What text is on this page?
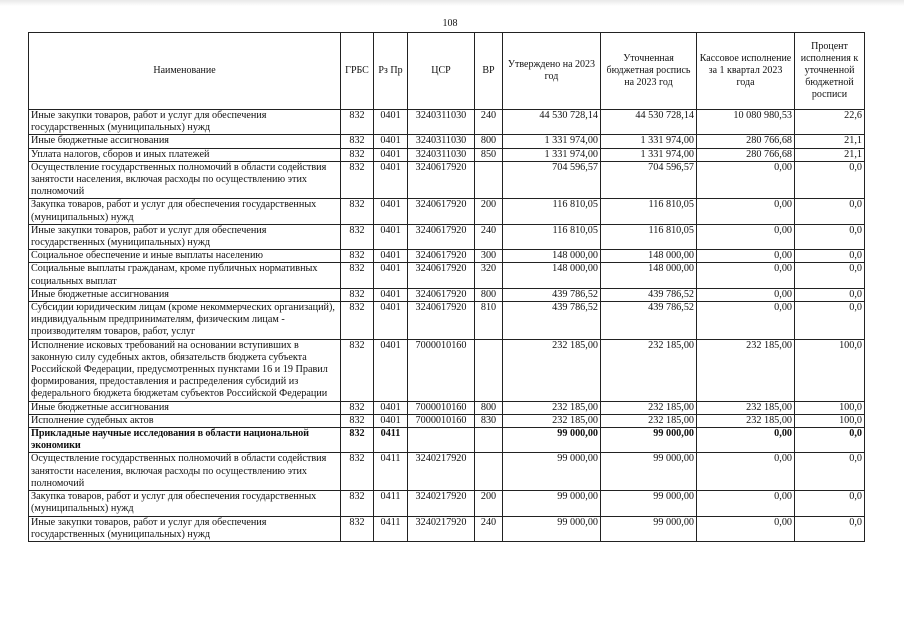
108
Наименование	ГРБС	Рз Пр	ЦСР	ВР	Утверждено на 2023 год	Уточненная бюджетная роспись на 2023 год	Кассовое исполнение за 1 квартал 2023 года	Процент исполнения к уточненной бюджетной росписи
Иные закупки товаров, работ и услуг для обеспечения государственных (муниципальных) нужд	832	0401	3240311030	240	44 530 728,14	44 530 728,14	10 080 980,53	22,6
Иные бюджетные ассигнования	832	0401	3240311030	800	1 331 974,00	1 331 974,00	280 766,68	21,1
Уплата налогов, сборов и иных платежей	832	0401	3240311030	850	1 331 974,00	1 331 974,00	280 766,68	21,1
Осуществление государственных полномочий в области содействия занятости населения, включая расходы по осуществлению этих полномочий	832	0401	3240617920		704 596,57	704 596,57	0,00	0,0
Закупка товаров, работ и услуг для обеспечения государственных (муниципальных) нужд	832	0401	3240617920	200	116 810,05	116 810,05	0,00	0,0
Иные закупки товаров, работ и услуг для обеспечения государственных (муниципальных) нужд	832	0401	3240617920	240	116 810,05	116 810,05	0,00	0,0
Социальное обеспечение и иные выплаты населению	832	0401	3240617920	300	148 000,00	148 000,00	0,00	0,0
Социальные выплаты гражданам, кроме публичных нормативных социальных выплат	832	0401	3240617920	320	148 000,00	148 000,00	0,00	0,0
Иные бюджетные ассигнования	832	0401	3240617920	800	439 786,52	439 786,52	0,00	0,0
Субсидии юридическим лицам (кроме некоммерческих организаций), индивидуальным предпринимателям, физическим лицам - производителям товаров, работ, услуг	832	0401	3240617920	810	439 786,52	439 786,52	0,00	0,0
Исполнение исковых требований на основании вступивших в законную силу судебных актов, обязательств бюджета субъекта Российской Федерации, предусмотренных пунктами 16 и 19 Правил формирования, предоставления и распределения субсидий из федерального бюджета бюджетам субъектов Российской Федерации	832	0401	7000010160		232 185,00	232 185,00	232 185,00	100,0
Иные бюджетные ассигнования	832	0401	7000010160	800	232 185,00	232 185,00	232 185,00	100,0
Исполнение судебных актов	832	0401	7000010160	830	232 185,00	232 185,00	232 185,00	100,0
Прикладные научные исследования в области национальной экономики	832	0411			99 000,00	99 000,00	0,00	0,0
Осуществление государственных полномочий в области содействия занятости населения, включая расходы по осуществлению этих полномочий	832	0411	3240217920		99 000,00	99 000,00	0,00	0,0
Закупка товаров, работ и услуг для обеспечения государственных (муниципальных) нужд	832	0411	3240217920	200	99 000,00	99 000,00	0,00	0,0
Иные закупки товаров, работ и услуг для обеспечения государственных (муниципальных) нужд	832	0411	3240217920	240	99 000,00	99 000,00	0,00	0,0
